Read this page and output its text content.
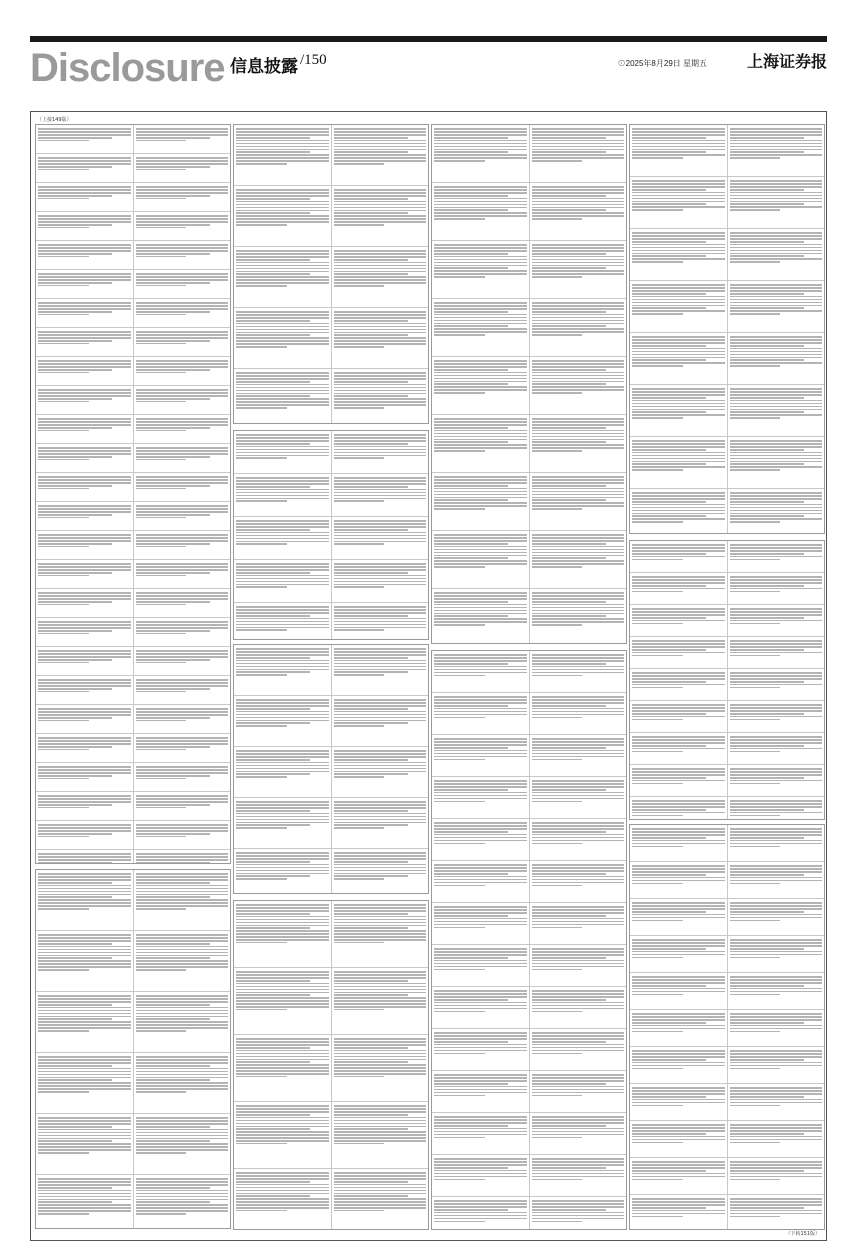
Disclosure 信息披露 /150	⊙2025年8月29日 星期五 上海证券报
（上接149版）
（下转151版）
